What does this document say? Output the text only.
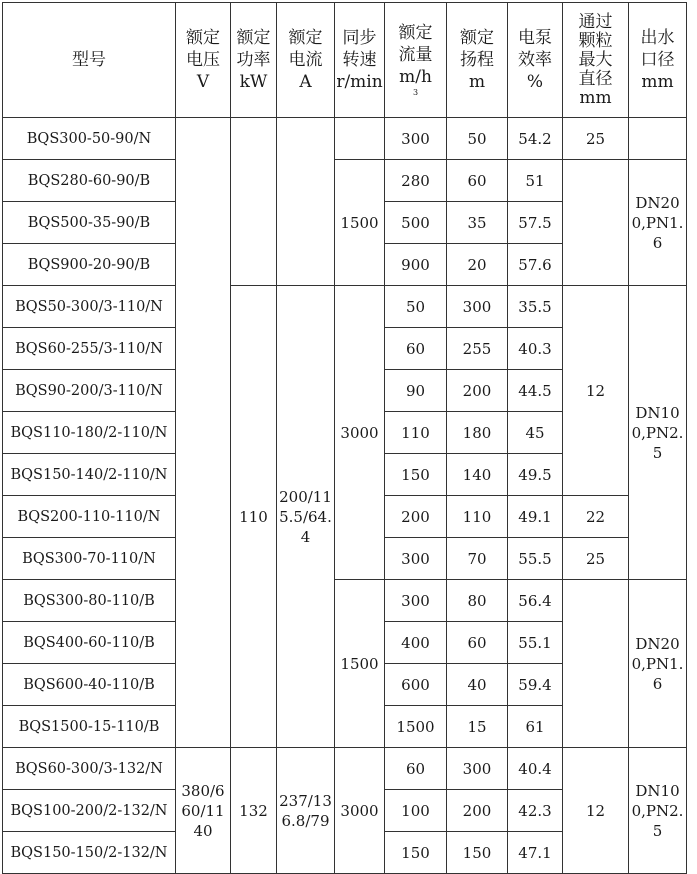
型号	额定
电压
V	额定
功率
kW	额定
电流
A	同步
转速
r/min	额定
流量
m/h
3	额定
扬程
m	电泵
效率
%	通过
颗粒
最大
直径
mm	出水
口径
mm

BQS300-50-90/N					300	50	54.2	25	
BQS280-60-90/B				1500	280	60	51		DN200,PN1.6
BQS500-35-90/B					500	35	57.5		
BQS900-20-90/B					900	20	57.6		
BQS50-300/3-110/N		110	200/115.5/64.4	3000	50	300	35.5	12	DN100,PN2.5
BQS60-255/3-110/N					60	255	40.3		
BQS90-200/3-110/N					90	200	44.5		
BQS110-180/2-110/N					110	180	45		
BQS150-140/2-110/N					150	140	49.5		
BQS200-110-110/N					200	110	49.1	22	
BQS300-70-110/N					300	70	55.5	25	
BQS300-80-110/B				1500	300	80	56.4		DN200,PN1.6
BQS400-60-110/B					400	60	55.1		
BQS600-40-110/B					600	40	59.4		
BQS1500-15-110/B					1500	15	61		
BQS60-300/3-132/N	380/660/1140	132	237/136.8/79	3000	60	300	40.4	12	DN100,PN2.5
BQS100-200/2-132/N					100	200	42.3		
BQS150-150/2-132/N					150	150	47.1		
